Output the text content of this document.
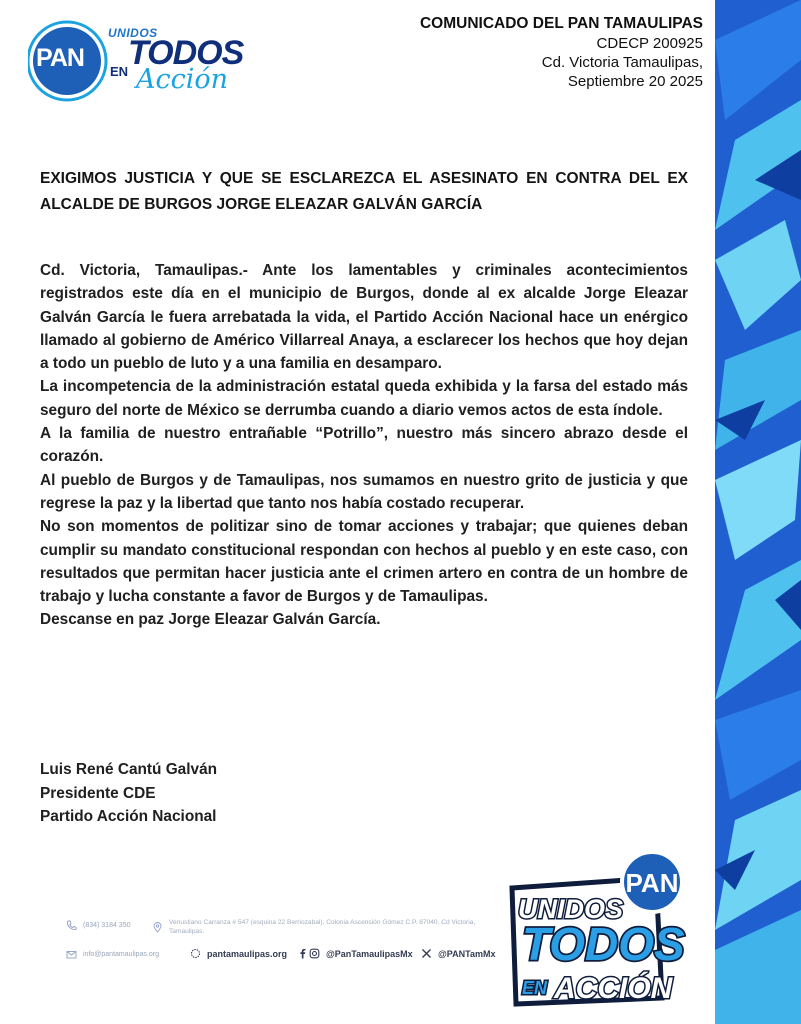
PAN
UNIDOS
TODOS
EN Acción
COMUNICADO DEL PAN TAMAULIPAS
CDECP 200925
Cd. Victoria Tamaulipas,
Septiembre 20 2025
EXIGIMOS JUSTICIA Y QUE SE ESCLAREZCA EL ASESINATO EN CONTRA DEL EX ALCALDE DE BURGOS JORGE ELEAZAR GALVÁN GARCÍA

Cd. Victoria, Tamaulipas.- Ante los lamentables y criminales acontecimientos registrados este día en el municipio de Burgos, donde al ex alcalde Jorge Eleazar Galván García le fuera arrebatada la vida, el Partido Acción Nacional hace un enérgico llamado al gobierno de Américo Villarreal Anaya, a esclarecer los hechos que hoy dejan a todo un pueblo de luto y a una familia en desamparo.

La incompetencia de la administración estatal queda exhibida y la farsa del estado más seguro del norte de México se derrumba cuando a diario vemos actos de esta índole.

A la familia de nuestro entrañable “Potrillo”, nuestro más sincero abrazo desde el corazón.

Al pueblo de Burgos y de Tamaulipas, nos sumamos en nuestro grito de justicia y que regrese la paz y la libertad que tanto nos había costado recuperar.

No son momentos de politizar sino de tomar acciones y trabajar; que quienes deban cumplir su mandato constitucional respondan con hechos al pueblo y en este caso, con resultados que permitan hacer justicia ante el crimen artero en contra de un hombre de trabajo y lucha constante a favor de Burgos y de Tamaulipas.

Descanse en paz Jorge Eleazar Galván García.

Luis René Cantú Galván
Presidente CDE
Partido Acción Nacional
(834) 3184 350	Venustiano Carranza # 547 (esquina 22 Berriozabal). Colonia Ascensión Gómez C.P. 87040. Cd Victoria, Tamaulipas.
info@pantamaulipas.org	pantamaulipas.org	@PanTamaulipasMx	@PANTamMx
PAN
UNIDOS
TODOS
EN ACCIÓN
